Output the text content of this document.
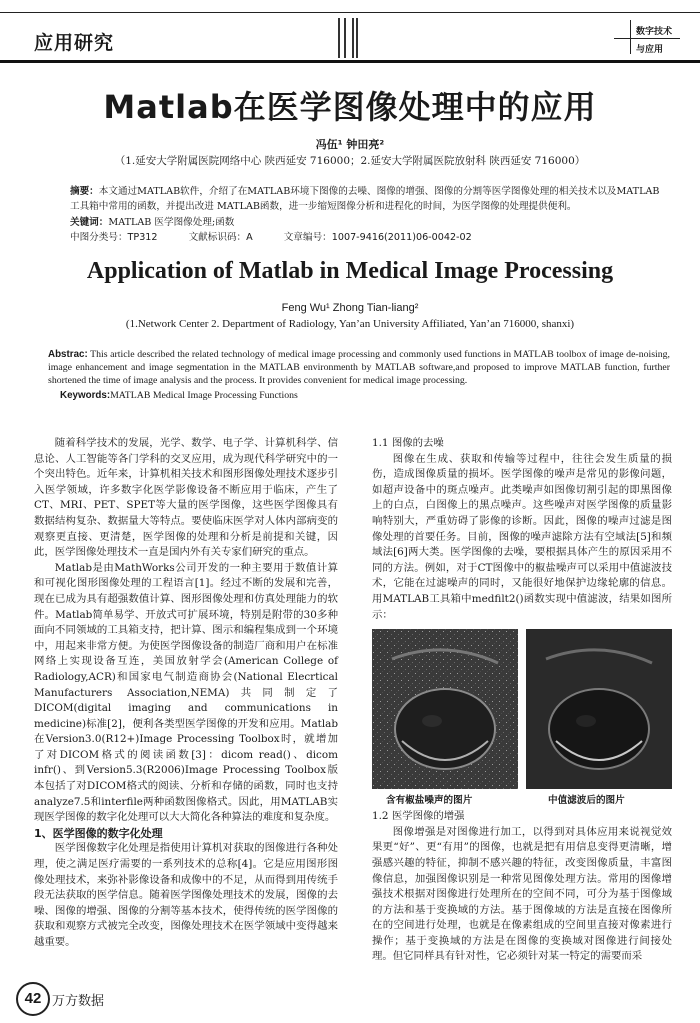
应用研究	数字技术
与应用
Matlab在医学图像处理中的应用
冯伍¹ 钟田亮²
（1.延安大学附属医院网络中心 陕西延安 716000；2.延安大学附属医院放射科 陕西延安 716000）
摘要：本文通过MATLAB软件，介绍了在MATLAB环境下图像的去噪、图像的增强、图像的分割等医学图像处理的相关技术以及MATLAB工具箱中常用的函数，并提出改进 MATLAB函数，进一步缩短图像分析和进程化的时间，为医学图像的处理提供便利。
关键词：MATLAB 医学图像处理;函数
中图分类号：TP312	文献标识码：A	文章编号：1007-9416(2011)06-0042-02
Application of Matlab in Medical Image Processing
Feng Wu¹ Zhong Tian-liang²
(1.Network Center 2. Department of Radiology, Yan’an University Affiliated, Yan’an 716000, shanxi)
Abstrac: This article described the related technology of medical image processing and commonly used functions in MATLAB toolbox of image de-noising, image enhancement and image segmentation in the MATLAB environmenth by MATLAB software,and proposed to improve MATLAB function, further shortened the time of image analysis and the process. It provides convenient for medical image processing.
Keywords:MATLAB Medical Image Processing Functions

随着科学技术的发展，光学、数学、电子学、计算机科学、信息论、人工智能等各门学科的交叉应用，成为现代科学研究中的一个突出特色。近年来，计算机相关技术和图形图像处理技术逐步引入医学领域，许多数字化医学影像设备不断应用于临床，产生了CT、MRI、PET、SPET等大量的医学图像，这些医学图像具有数据结构复杂、数据量大等特点。要使临床医学对人体内部病变的观察更直接、更清楚，医学图像的处理和分析是前提和关键，因此，医学图像处理技术一直是国内外有关专家们研究的重点。

Matlab是由MathWorks公司开发的一种主要用于数值计算和可视化图形图像处理的工程语言[1]。经过不断的发展和完善，现在已成为具有超强数值计算、图形图像处理和仿真处理能力的软件。Matlab简单易学、开放式可扩展环境，特别是附带的30多种面向不同领域的工具箱支持，把计算、图示和编程集成到一个环境中，用起来非常方便。为使医学图像设备的制造厂商和用户在标准网络上实现设备互连，美国放射学会(American College of Radiology,ACR)和国家电气制造商协会(National Elecrtical Manufacturers Association,NEMA)共同制定了DICOM(digital imaging and communications in medicine)标准[2]，便利各类型医学图像的开发和应用。Matlab在Version3.0(R12+)Image Processing Toolbox时，就增加了对DICOM格式的阅读函数[3]：dicom read()、dicom infr()、到Version5.3(R2006)Image Processing Toolbox版本包括了对DICOM格式的阅读、分析和存储的函数，同时也支持analyze7.5和interfile两种函数图像格式。因此，用MATLAB实现医学图像的数字化处理可以大大简化各种算法的难度和复杂度。

1、医学图像的数字化处理

医学图像数字化处理是指使用计算机对获取的图像进行各种处理，使之满足医疗需要的一系列技术的总称[4]。它是应用图形图像处理技术，来弥补影像设备和成像中的不足，从而得到用传统手段无法获取的医学信息。随着医学图像处理技术的发展，图像的去噪、图像的增强、图像的分割等基本技术，使得传统的医学图像的获取和观察方式被完全改变，图像处理技术在医学领域中变得越来越重要。

1.1 图像的去噪

图像在生成、获取和传输等过程中，往往会发生质量的损伤，造成图像质量的损坏。医学图像的噪声是常见的影像问题，如超声设备中的斑点噪声。此类噪声如图像切割引起的即黑图像上的白点，白图像上的黑点噪声。这些噪声对医学图像的质量影响特别大，严重妨碍了影像的诊断。因此，图像的噪声过滤是图像处理的首要任务。目前，图像的噪声滤除方法有空域法[5]和频域法[6]两大类。医学图像的去噪，要根据具体产生的原因采用不同的方法。例如，对于CT图像中的椒盐噪声可以采用中值滤波技术，它能在过滤噪声的同时，又能很好地保护边缘轮廓的信息。用MATLAB工具箱中medfilt2()函数实现中值滤波，结果如图所示：

含有椒盐噪声的图片	中值滤波后的图片

1.2 医学图像的增强

图像增强是对图像进行加工，以得到对具体应用来说视觉效果更“好”、更“有用”的图像，也就是把有用信息变得更清晰，增强感兴趣的特征，抑制不感兴趣的特征，改变图像质量，丰富图像信息，加强图像识别是一种常见图像处理方法。常用的图像增强技术根据对图像进行处理所在的空间不同，可分为基于图像域的方法和基于变换域的方法。基于图像域的方法是直接在图像所在的空间进行处理，也就是在像素组成的空间里直接对像素进行操作；基于变换域的方法是在图像的变换域对图像进行间接处理。但它同样具有针对性，它必须针对某一特定的需要而采

42 万方数据
